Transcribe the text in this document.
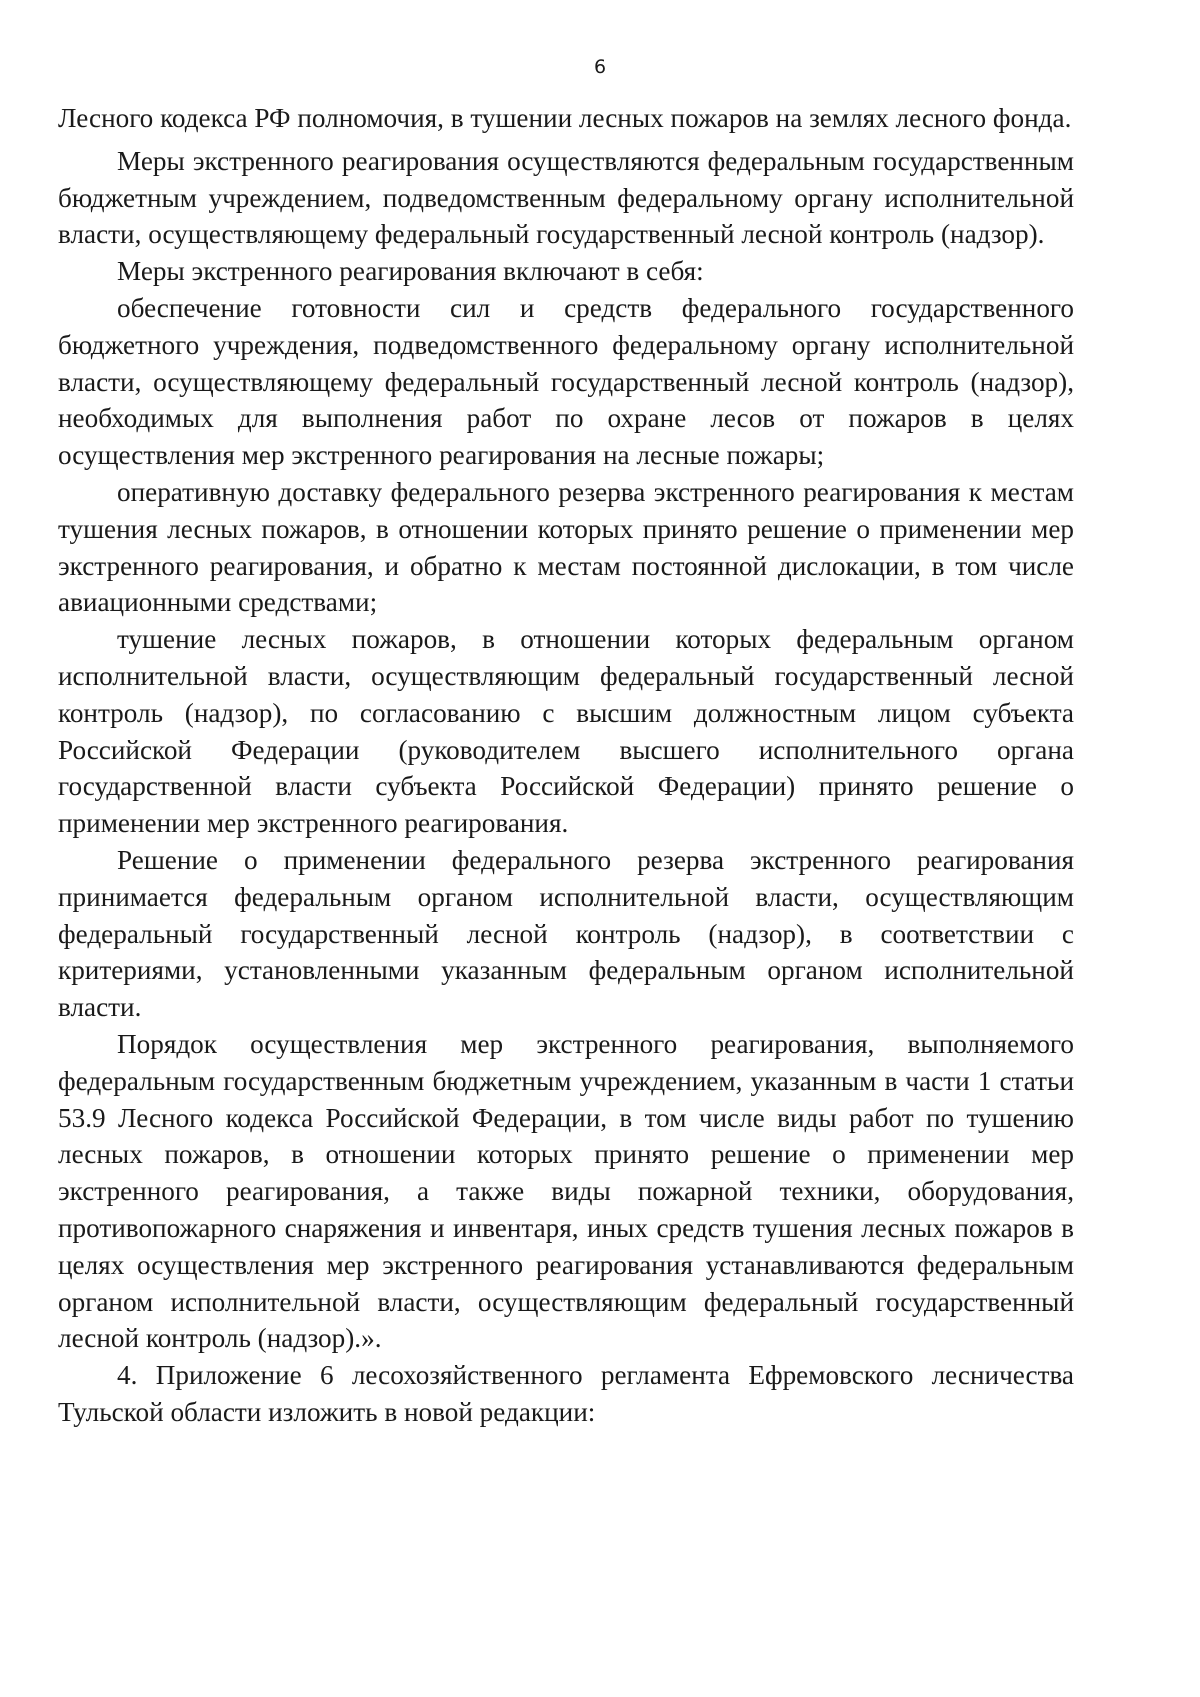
6

Лесного кодекса РФ полномочия, в тушении лесных пожаров на землях лесного фонда.

Меры экстренного реагирования осуществляются федеральным государственным бюджетным учреждением, подведомственным федеральному органу исполнительной власти, осуществляющему федеральный государственный лесной контроль (надзор).

Меры экстренного реагирования включают в себя:

обеспечение готовности сил и средств федерального государственного бюджетного учреждения, подведомственного федеральному органу исполнительной власти, осуществляющему федеральный государственный лесной контроль (надзор), необходимых для выполнения работ по охране лесов от пожаров в целях осуществления мер экстренного реагирования на лесные пожары;

оперативную доставку федерального резерва экстренного реагирования к местам тушения лесных пожаров, в отношении которых принято решение о применении мер экстренного реагирования, и обратно к местам постоянной дислокации, в том числе авиационными средствами;

тушение лесных пожаров, в отношении которых федеральным органом исполнительной власти, осуществляющим федеральный государственный лесной контроль (надзор), по согласованию с высшим должностным лицом субъекта Российской Федерации (руководителем высшего исполнительного органа государственной власти субъекта Российской Федерации) принято решение о применении мер экстренного реагирования.

Решение о применении федерального резерва экстренного реагирования принимается федеральным органом исполнительной власти, осуществляющим федеральный государственный лесной контроль (надзор), в соответствии с критериями, установленными указанным федеральным органом исполнительной власти.

Порядок осуществления мер экстренного реагирования, выполняемого федеральным государственным бюджетным учреждением, указанным в части 1 статьи 53.9 Лесного кодекса Российской Федерации, в том числе виды работ по тушению лесных пожаров, в отношении которых принято решение о применении мер экстренного реагирования, а также виды пожарной техники, оборудования, противопожарного снаряжения и инвентаря, иных средств тушения лесных пожаров в целях осуществления мер экстренного реагирования устанавливаются федеральным органом исполнительной власти, осуществляющим федеральный государственный лесной контроль (надзор).».

4. Приложение 6 лесохозяйственного регламента Ефремовского лесничества Тульской области изложить в новой редакции:
